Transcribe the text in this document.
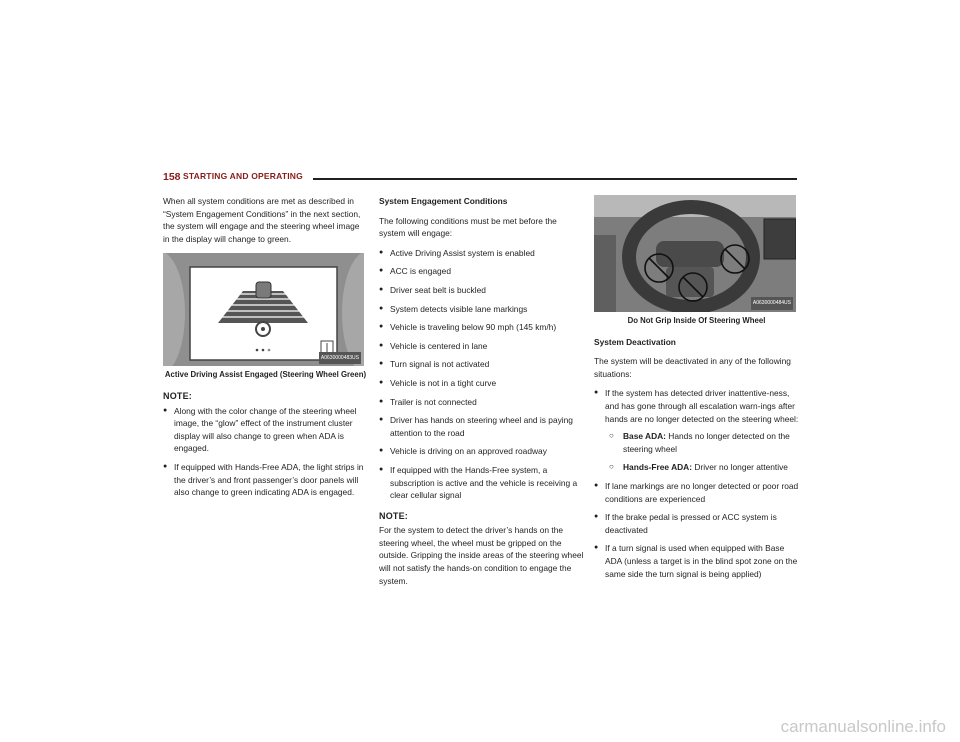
158 STARTING AND OPERATING

When all system conditions are met as described in “System Engagement Conditions” in the next section, the system will engage and the steering wheel image in the display will change to green.

A0630000483US
Active Driving Assist Engaged (Steering Wheel Green)
NOTE:
● Along with the color change of the steering wheel image, the “glow” effect of the instrument cluster display will also change to green when ADA is engaged.
● If equipped with Hands-Free ADA, the light strips in the driver’s and front passenger’s door panels will also change to green indicating ADA is engaged.
System Engagement Conditions

The following conditions must be met before the system will engage:

● Active Driving Assist system is enabled
● ACC is engaged
● Driver seat belt is buckled
● System detects visible lane markings
● Vehicle is traveling below 90 mph (145 km/h)
● Vehicle is centered in lane
● Turn signal is not activated
● Vehicle is not in a tight curve
● Trailer is not connected
● Driver has hands on steering wheel and is paying attention to the road
● Vehicle is driving on an approved roadway
● If equipped with the Hands-Free system, a subscription is active and the vehicle is receiving a clear cellular signal
NOTE:

For the system to detect the driver’s hands on the steering wheel, the wheel must be gripped on the outside. Gripping the inside areas of the steering wheel will not satisfy the hands-on condition to engage the system.

A0630000484US
Do Not Grip Inside Of Steering Wheel
System Deactivation

The system will be deactivated in any of the following situations:

● If the system has detected driver inattentive-ness, and has gone through all escalation warn-ings after hands are no longer detected on the steering wheel:
○ Base ADA: Hands no longer detected on the steering wheel
○ Hands-Free ADA: Driver no longer attentive
● If lane markings are no longer detected or poor road conditions are experienced
● If the brake pedal is pressed or ACC system is deactivated
● If a turn signal is used when equipped with Base ADA (unless a target is in the blind spot zone on the same side the turn signal is being applied)
carmanualsonline.info
